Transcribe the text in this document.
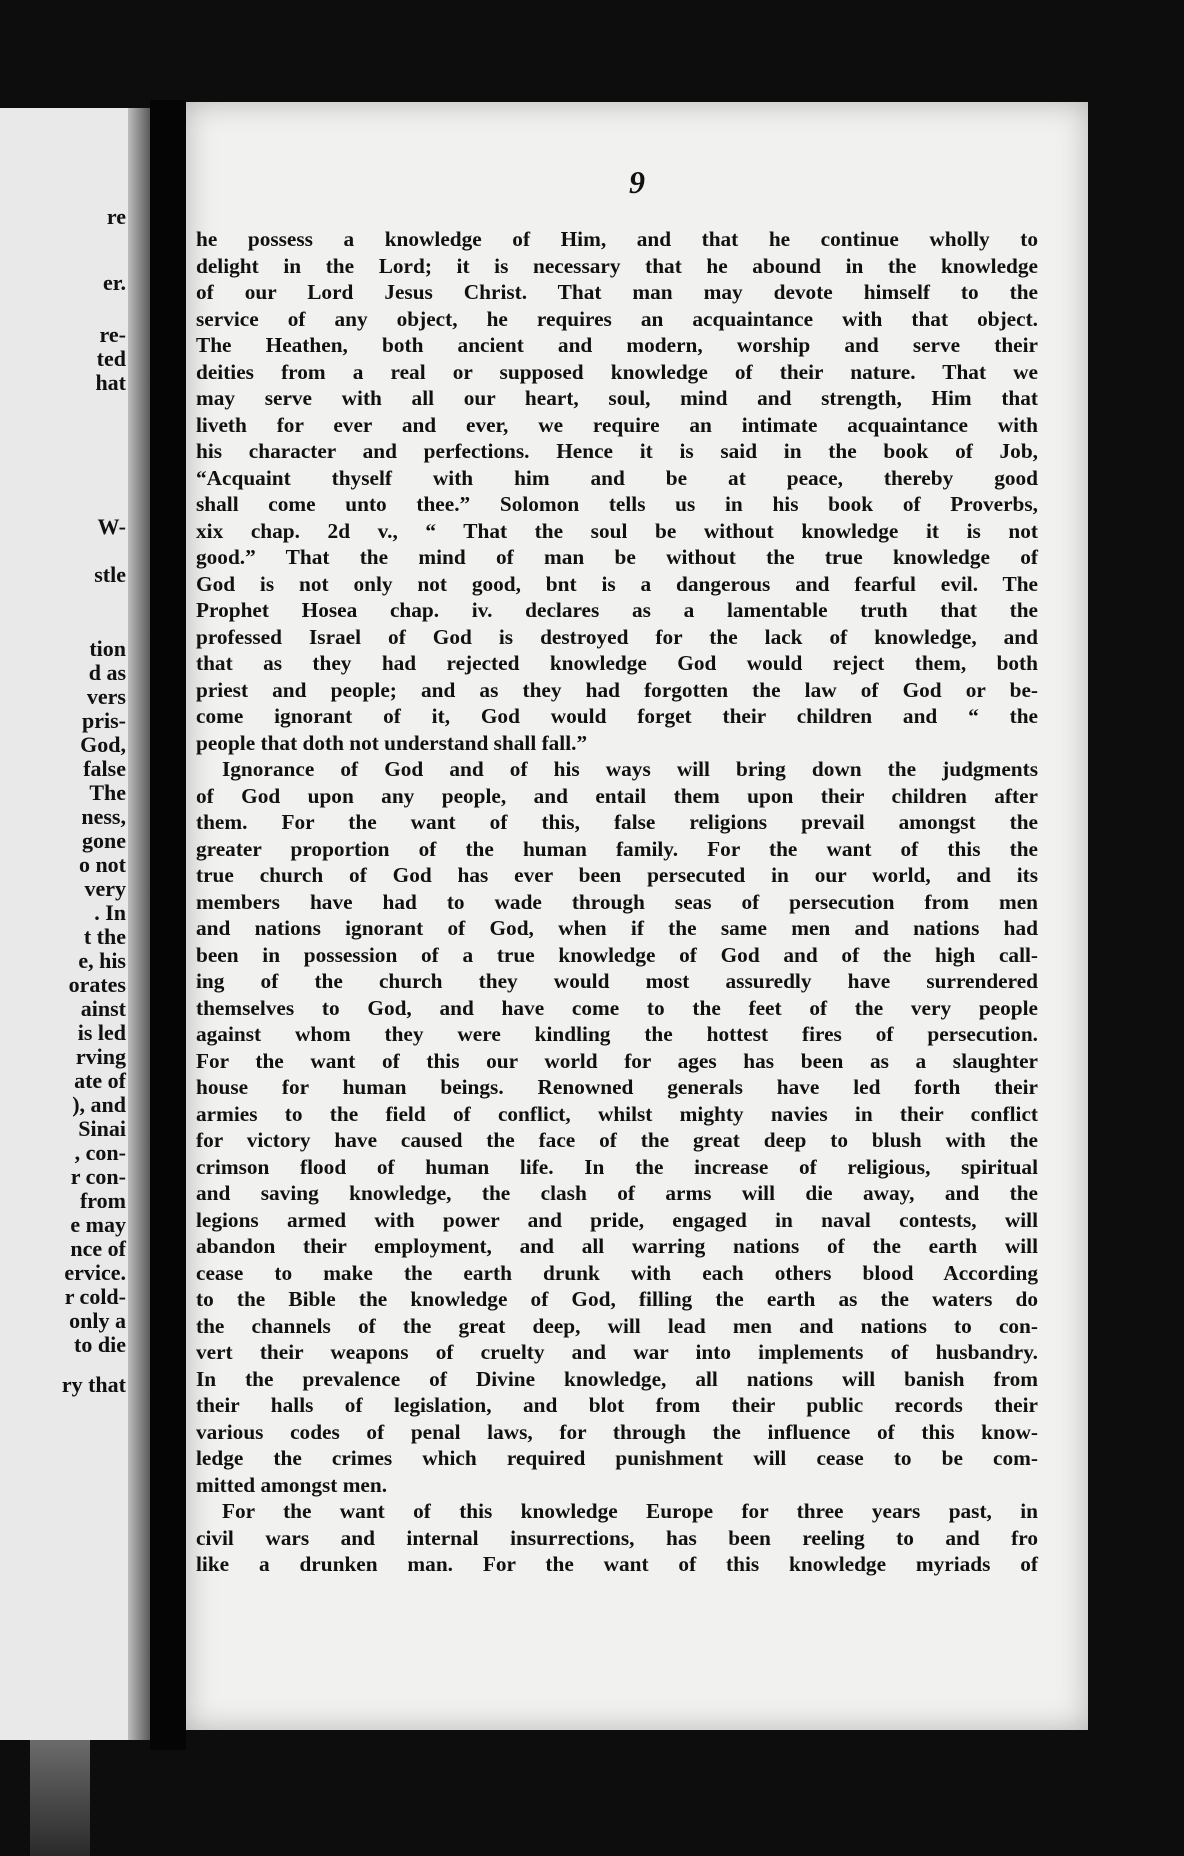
re
er.
re-
ted
hat
W-
stle
tion
d as
vers
pris-
God,
false
The
ness,
gone
o not
very
. In
t the
e, his
orates
ainst
is led
rving
ate of
), and
Sinai
, con-
r con-
from
e may
nce of
ervice.
r cold-
only a
to die
ry that

9

he possess a knowledge of Him, and that he continue wholly to
delight in the Lord; it is necessary that he abound in the knowledge
of our Lord Jesus Christ. That man may devote himself to the
service of any object, he requires an acquaintance with that object.
The Heathen, both ancient and modern, worship and serve their
deities from a real or supposed knowledge of their nature. That we
may serve with all our heart, soul, mind and strength, Him that
liveth for ever and ever, we require an intimate acquaintance with
his character and perfections. Hence it is said in the book of Job,
“Acquaint thyself with him and be at peace, thereby good
shall come unto thee.” Solomon tells us in his book of Proverbs,
xix chap. 2d v., “ That the soul be without knowledge it is not
good.” That the mind of man be without the true knowledge of
God is not only not good, bnt is a dangerous and fearful evil. The
Prophet Hosea chap. iv. declares as a lamentable truth that the
professed Israel of God is destroyed for the lack of knowledge, and
that as they had rejected knowledge God would reject them, both
priest and people; and as they had forgotten the law of God or be-
come ignorant of it, God would forget their children and “ the
people that doth not understand shall fall.”
Ignorance of God and of his ways will bring down the judgments
of God upon any people, and entail them upon their children after
them. For the want of this, false religions prevail amongst the
greater proportion of the human family. For the want of this the
true church of God has ever been persecuted in our world, and its
members have had to wade through seas of persecution from men
and nations ignorant of God, when if the same men and nations had
been in possession of a true knowledge of God and of the high call-
ing of the church they would most assuredly have surrendered
themselves to God, and have come to the feet of the very people
against whom they were kindling the hottest fires of persecution.
For the want of this our world for ages has been as a slaughter
house for human beings. Renowned generals have led forth their
armies to the field of conflict, whilst mighty navies in their conflict
for victory have caused the face of the great deep to blush with the
crimson flood of human life. In the increase of religious, spiritual
and saving knowledge, the clash of arms will die away, and the
legions armed with power and pride, engaged in naval contests, will
abandon their employment, and all warring nations of the earth will
cease to make the earth drunk with each others blood According
to the Bible the knowledge of God, filling the earth as the waters do
the channels of the great deep, will lead men and nations to con-
vert their weapons of cruelty and war into implements of husbandry.
In the prevalence of Divine knowledge, all nations will banish from
their halls of legislation, and blot from their public records their
various codes of penal laws, for through the influence of this know-
ledge the crimes which required punishment will cease to be com-
mitted amongst men.
For the want of this knowledge Europe for three years past, in
civil wars and internal insurrections, has been reeling to and fro
like a drunken man. For the want of this knowledge myriads of
